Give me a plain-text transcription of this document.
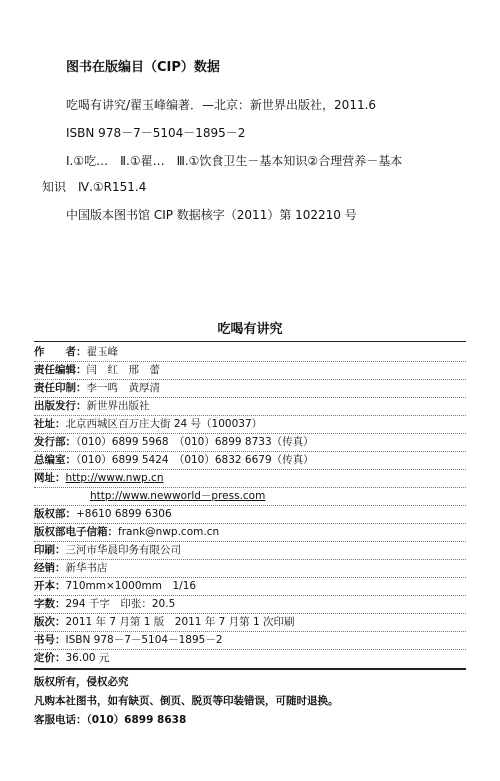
图书在版编目（CIP）数据
吃喝有讲究/翟玉峰编著．—北京：新世界出版社，2011.6
ISBN 978－7－5104－1895－2
Ⅰ.①吃…　Ⅱ.①翟…　Ⅲ.①饮食卫生－基本知识②合理营养－基本
知识　Ⅳ.①R151.4
中国版本图书馆 CIP 数据核字（2011）第 102210 号
吃喝有讲究
作　　者：翟玉峰
责任编辑：闫　红　邢　蕾
责任印制：李一鸣　黄厚清
出版发行：新世界出版社
社址：北京西城区百万庄大街 24 号（100037）
发行部：（010）6899 5968　（010）6899 8733（传真）
总编室：（010）6899 5424　（010）6832 6679（传真）
网址：http://www.nwp.cn
http://www.newworld－press.com
版权部：+8610 6899 6306
版权部电子信箱：frank@nwp.com.cn
印刷：三河市华晨印务有限公司
经销：新华书店
开本：710mm×1000mm　1/16
字数：294 千字　印张：20.5
版次：2011 年 7 月第 1 版　2011 年 7 月第 1 次印刷
书号：ISBN 978－7－5104－1895－2
定价：36.00 元
版权所有，侵权必究
凡购本社图书，如有缺页、倒页、脱页等印装错误，可随时退换。
客服电话：（010）6899 8638
